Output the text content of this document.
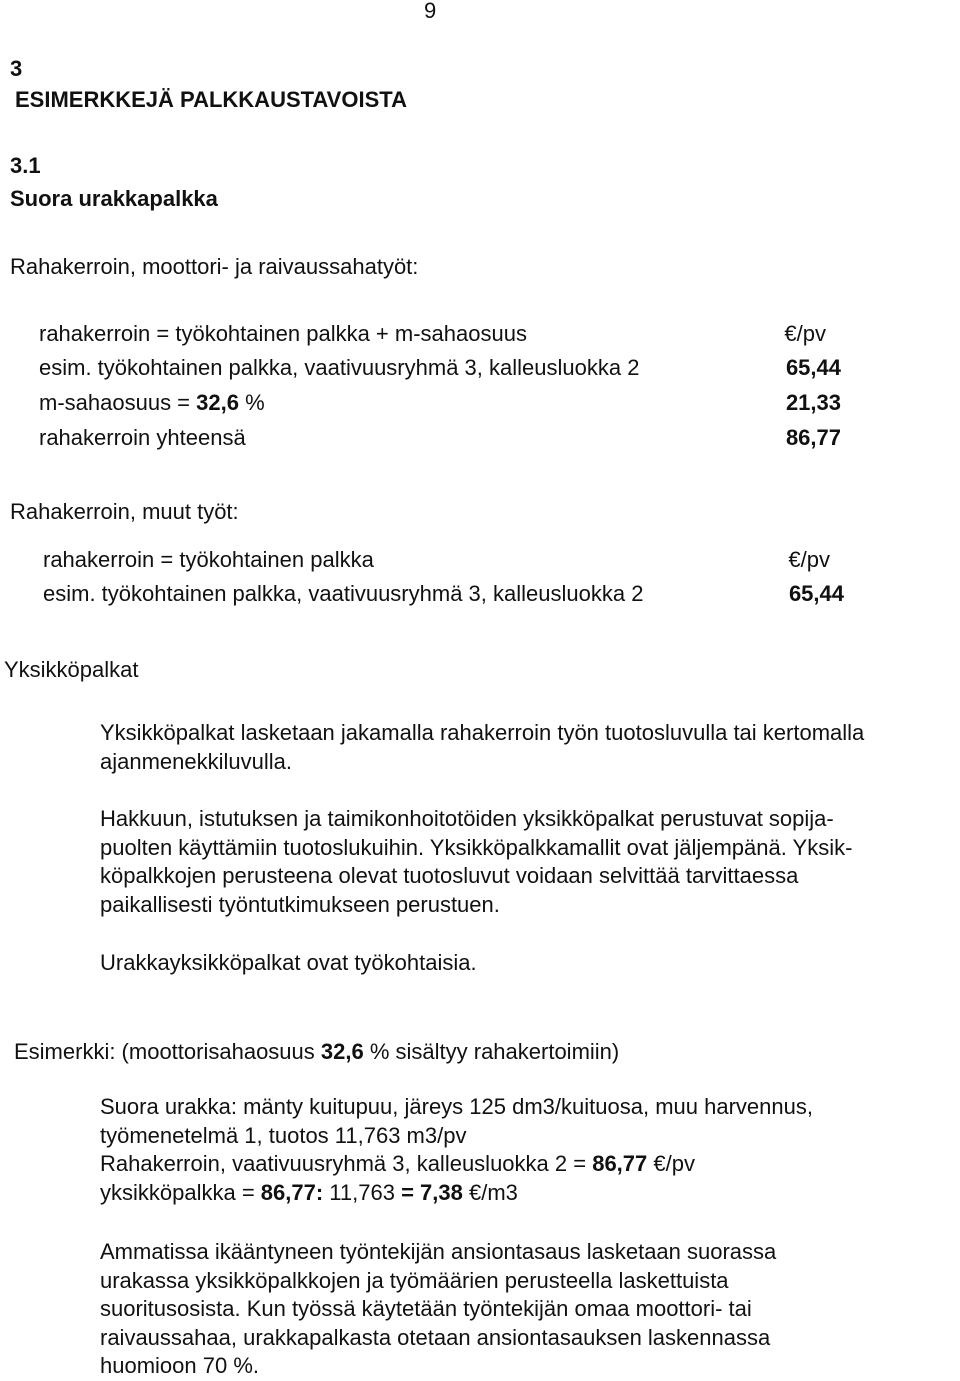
9
3
ESIMERKKEJÄ PALKKAUSTAVOISTA
3.1
Suora urakkapalkka
Rahakerroin, moottori- ja raivaussahatyöt:
rahakerroin = työkohtainen palkka + m-sahaosuus	€/pv
esim. työkohtainen palkka, vaativuusryhmä 3, kalleusluokka 2	65,44
m-sahaosuus = 32,6 %	21,33
rahakerroin yhteensä	86,77
Rahakerroin, muut työt:
rahakerroin = työkohtainen palkka	€/pv
esim. työkohtainen palkka, vaativuusryhmä 3, kalleusluokka 2	65,44
Yksikköpalkat
Yksikköpalkat lasketaan jakamalla rahakerroin työn tuotosluvulla tai kertomalla
ajanmenekkiluvulla.
Hakkuun, istutuksen ja taimikonhoitotöiden yksikköpalkat perustuvat sopija-
puolten käyttämiin tuotoslukuihin. Yksikköpalkkamallit ovat jäljempänä. Yksik-
köpalkkojen perusteena olevat tuotosluvut voidaan selvittää tarvittaessa
paikallisesti työntutkimukseen perustuen.
Urakkayksikköpalkat ovat työkohtaisia.
Esimerkki: (moottorisahaosuus 32,6 % sisältyy rahakertoimiin)
Suora urakka: mänty kuitupuu, järeys 125 dm3/kuituosa, muu harvennus,
työmenetelmä 1, tuotos 11,763 m3/pv
Rahakerroin, vaativuusryhmä 3, kalleusluokka 2 = 86,77 €/pv
yksikköpalkka = 86,77: 11,763 = 7,38 €/m3
Ammatissa ikääntyneen työntekijän ansiontasaus lasketaan suorassa
urakassa yksikköpalkkojen ja työmäärien perusteella laskettuista
suoritusosista. Kun työssä käytetään työntekijän omaa moottori- tai
raivaussahaa, urakkapalkasta otetaan ansiontasauksen laskennassa
huomioon 70 %.
